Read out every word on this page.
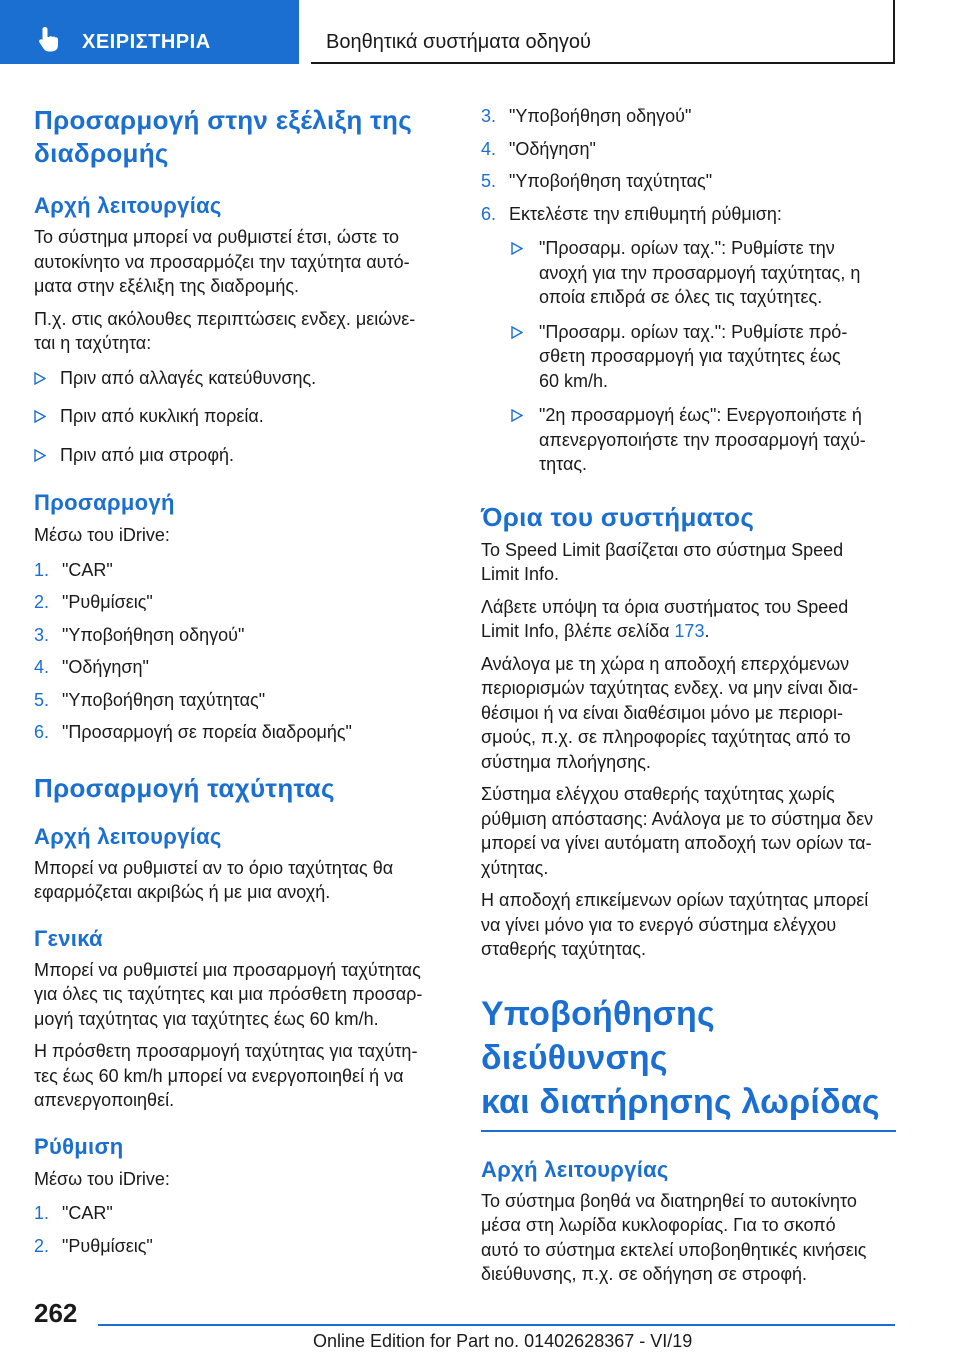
ΧΕΙΡΙΣΤΗΡΙΑ	Βοηθητικά συστήματα οδηγού
Προσαρμογή στην εξέλιξη της
διαδρομής
Αρχή λειτουργίας
Το σύστημα μπορεί να ρυθμιστεί έτσι, ώστε το
αυτοκίνητο να προσαρμόζει την ταχύτητα αυτό-
ματα στην εξέλιξη της διαδρομής.
Π.χ. στις ακόλουθες περιπτώσεις ενδεχ. μειώνε-
ται η ταχύτητα:
Πριν από αλλαγές κατεύθυνσης.
Πριν από κυκλική πορεία.
Πριν από μια στροφή.
Προσαρμογή
Μέσω του iDrive:
1. "CAR"
2. "Ρυθμίσεις"
3. "Υποβοήθηση οδηγού"
4. "Οδήγηση"
5. "Υποβοήθηση ταχύτητας"
6. "Προσαρμογή σε πορεία διαδρομής"
Προσαρμογή ταχύτητας
Αρχή λειτουργίας
Μπορεί να ρυθμιστεί αν το όριο ταχύτητας θα
εφαρμόζεται ακριβώς ή με μια ανοχή.
Γενικά
Μπορεί να ρυθμιστεί μια προσαρμογή ταχύτητας
για όλες τις ταχύτητες και μια πρόσθετη προσαρ-
μογή ταχύτητας για ταχύτητες έως 60 km/h.
Η πρόσθετη προσαρμογή ταχύτητας για ταχύτη-
τες έως 60 km/h μπορεί να ενεργοποιηθεί ή να
απενεργοποιηθεί.
Ρύθμιση
Μέσω του iDrive:
1. "CAR"
2. "Ρυθμίσεις"
3. "Υποβοήθηση οδηγού"
4. "Οδήγηση"
5. "Υποβοήθηση ταχύτητας"
6. Εκτελέστε την επιθυμητή ρύθμιση:
"Προσαρμ. ορίων ταχ.": Ρυθμίστε την
ανοχή για την προσαρμογή ταχύτητας, η
οποία επιδρά σε όλες τις ταχύτητες.
"Προσαρμ. ορίων ταχ.": Ρυθμίστε πρό-
σθετη προσαρμογή για ταχύτητες έως
60 km/h.
"2η προσαρμογή έως": Ενεργοποιήστε ή
απενεργοποιήστε την προσαρμογή ταχύ-
τητας.
Όρια του συστήματος
Το Speed Limit βασίζεται στο σύστημα Speed
Limit Info.
Λάβετε υπόψη τα όρια συστήματος του Speed
Limit Info, βλέπε σελίδα 173.
Ανάλογα με τη χώρα η αποδοχή επερχόμενων
περιορισμών ταχύτητας ενδεχ. να μην είναι δια-
θέσιμοι ή να είναι διαθέσιμοι μόνο με περιορι-
σμούς, π.χ. σε πληροφορίες ταχύτητας από το
σύστημα πλοήγησης.
Σύστημα ελέγχου σταθερής ταχύτητας χωρίς
ρύθμιση απόστασης: Ανάλογα με το σύστημα δεν
μπορεί να γίνει αυτόματη αποδοχή των ορίων τα-
χύτητας.
Η αποδοχή επικείμενων ορίων ταχύτητας μπορεί
να γίνει μόνο για το ενεργό σύστημα ελέγχου
σταθερής ταχύτητας.
Υποβοήθησης διεύθυνσης
και διατήρησης λωρίδας
Αρχή λειτουργίας
Το σύστημα βοηθά να διατηρηθεί το αυτοκίνητο
μέσα στη λωρίδα κυκλοφορίας. Για το σκοπό
αυτό το σύστημα εκτελεί υποβοηθητικές κινήσεις
διεύθυνσης, π.χ. σε οδήγηση σε στροφή.
262
Online Edition for Part no. 01402628367 - VI/19
